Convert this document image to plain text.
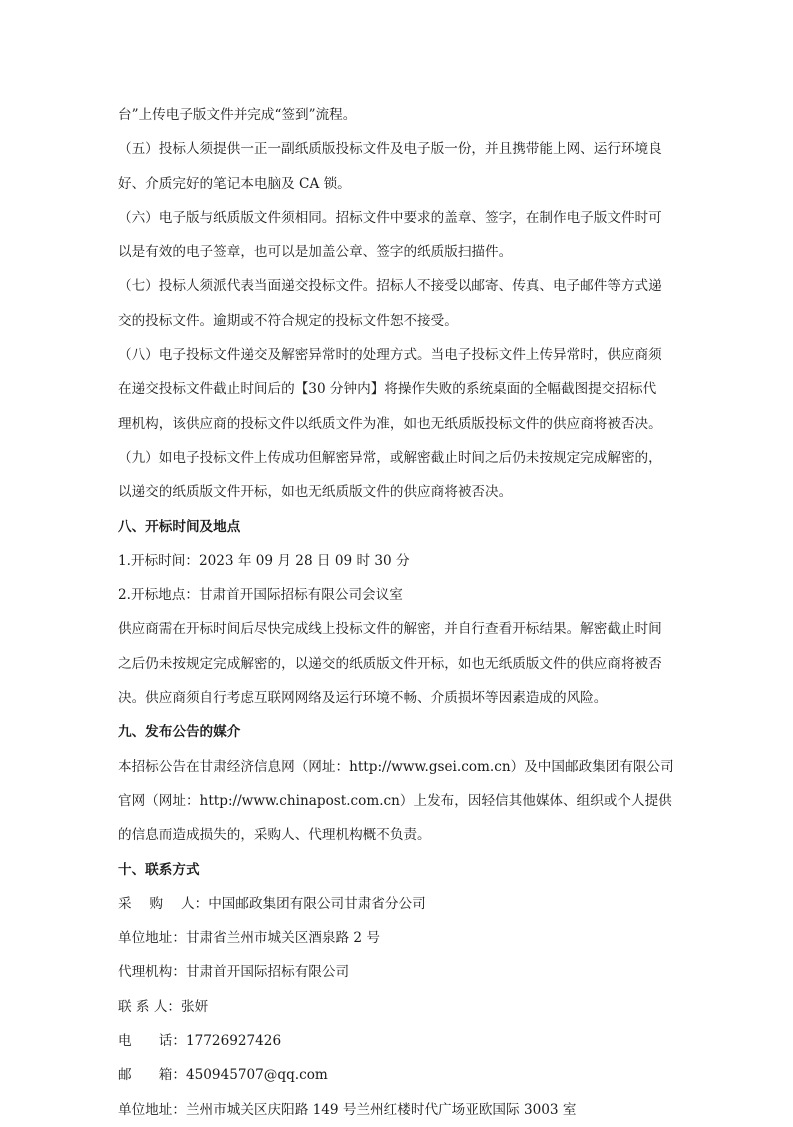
台”上传电子版文件并完成“签到”流程。
（五）投标人须提供一正一副纸质版投标文件及电子版一份，并且携带能上网、运行环境良
好、介质完好的笔记本电脑及 CA 锁。
（六）电子版与纸质版文件须相同。招标文件中要求的盖章、签字，在制作电子版文件时可
以是有效的电子签章，也可以是加盖公章、签字的纸质版扫描件。
（七）投标人须派代表当面递交投标文件。招标人不接受以邮寄、传真、电子邮件等方式递
交的投标文件。逾期或不符合规定的投标文件恕不接受。
（八）电子投标文件递交及解密异常时的处理方式。当电子投标文件上传异常时，供应商须
在递交投标文件截止时间后的【30 分钟内】将操作失败的系统桌面的全幅截图提交招标代
理机构，该供应商的投标文件以纸质文件为准，如也无纸质版投标文件的供应商将被否决。
（九）如电子投标文件上传成功但解密异常，或解密截止时间之后仍未按规定完成解密的，
以递交的纸质版文件开标，如也无纸质版文件的供应商将被否决。
八、开标时间及地点
1.开标时间：2023 年 09 月 28 日 09 时 30 分
2.开标地点：甘肃首开国际招标有限公司会议室
供应商需在开标时间后尽快完成线上投标文件的解密，并自行查看开标结果。解密截止时间
之后仍未按规定完成解密的，以递交的纸质版文件开标，如也无纸质版文件的供应商将被否
决。供应商须自行考虑互联网网络及运行环境不畅、介质损坏等因素造成的风险。
九、发布公告的媒介
本招标公告在甘肃经济信息网（网址：http://www.gsei.com.cn）及中国邮政集团有限公司
官网（网址：http://www.chinapost.com.cn）上发布，因轻信其他媒体、组织或个人提供
的信息而造成损失的，采购人、代理机构概不负责。
十、联系方式
采　 购　 人：中国邮政集团有限公司甘肃省分公司
单位地址：甘肃省兰州市城关区酒泉路 2 号
代理机构：甘肃首开国际招标有限公司
联 系 人：张妍
电　　话：17726927426
邮　　箱：450945707@qq.com
单位地址：兰州市城关区庆阳路 149 号兰州红楼时代广场亚欧国际 3003 室
